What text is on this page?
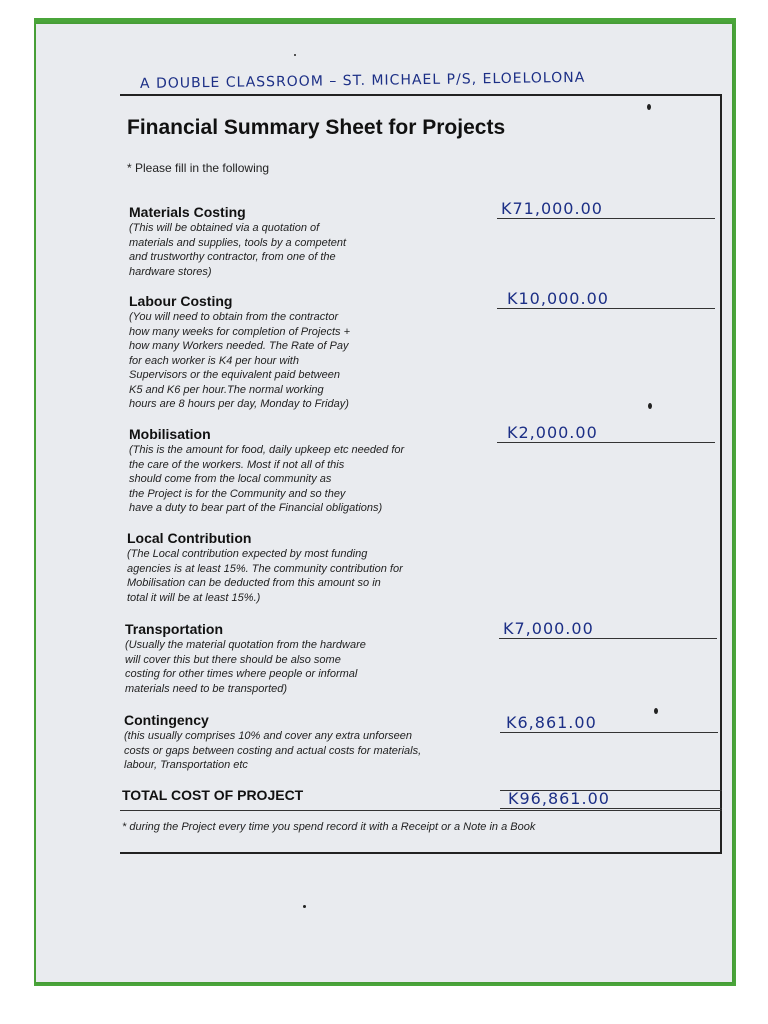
A DOUBLE CLASSROOM – ST. MICHAEL P/S, ELOELOLONA
Financial Summary Sheet for Projects
* Please fill in the following
Materials Costing
(This will be obtained via a quotation of
materials and supplies, tools by a competent
and trustworthy contractor, from one of the
hardware stores)
K71,000.00
Labour Costing
(You will need to obtain from the contractor
how many weeks for completion of Projects +
how many Workers needed. The Rate of Pay
for each worker is K4 per hour with
Supervisors or the equivalent paid between
K5 and K6 per hour.The normal working
hours are 8 hours per day, Monday to Friday)
K10,000.00
Mobilisation
(This is the amount for food, daily upkeep etc needed for
the care of the workers. Most if not all of this
should come from the local community as
the Project is for the Community and so they
have a duty to bear part of the Financial obligations)
K2,000.00
Local Contribution
(The Local contribution expected by most funding
agencies is at least 15%. The community contribution for
Mobilisation can be deducted from this amount so in
total it will be at least 15%.)
Transportation
(Usually the material quotation from the hardware
will cover this but there should be also some
costing for other times where people or informal
materials need to be transported)
K7,000.00
Contingency
(this usually comprises 10% and cover any extra unforseen
costs or gaps between costing and actual costs for materials,
labour, Transportation etc
K6,861.00
TOTAL COST OF PROJECT	K96,861.00
* during the Project every time you spend record it with a Receipt or a Note in a Book
